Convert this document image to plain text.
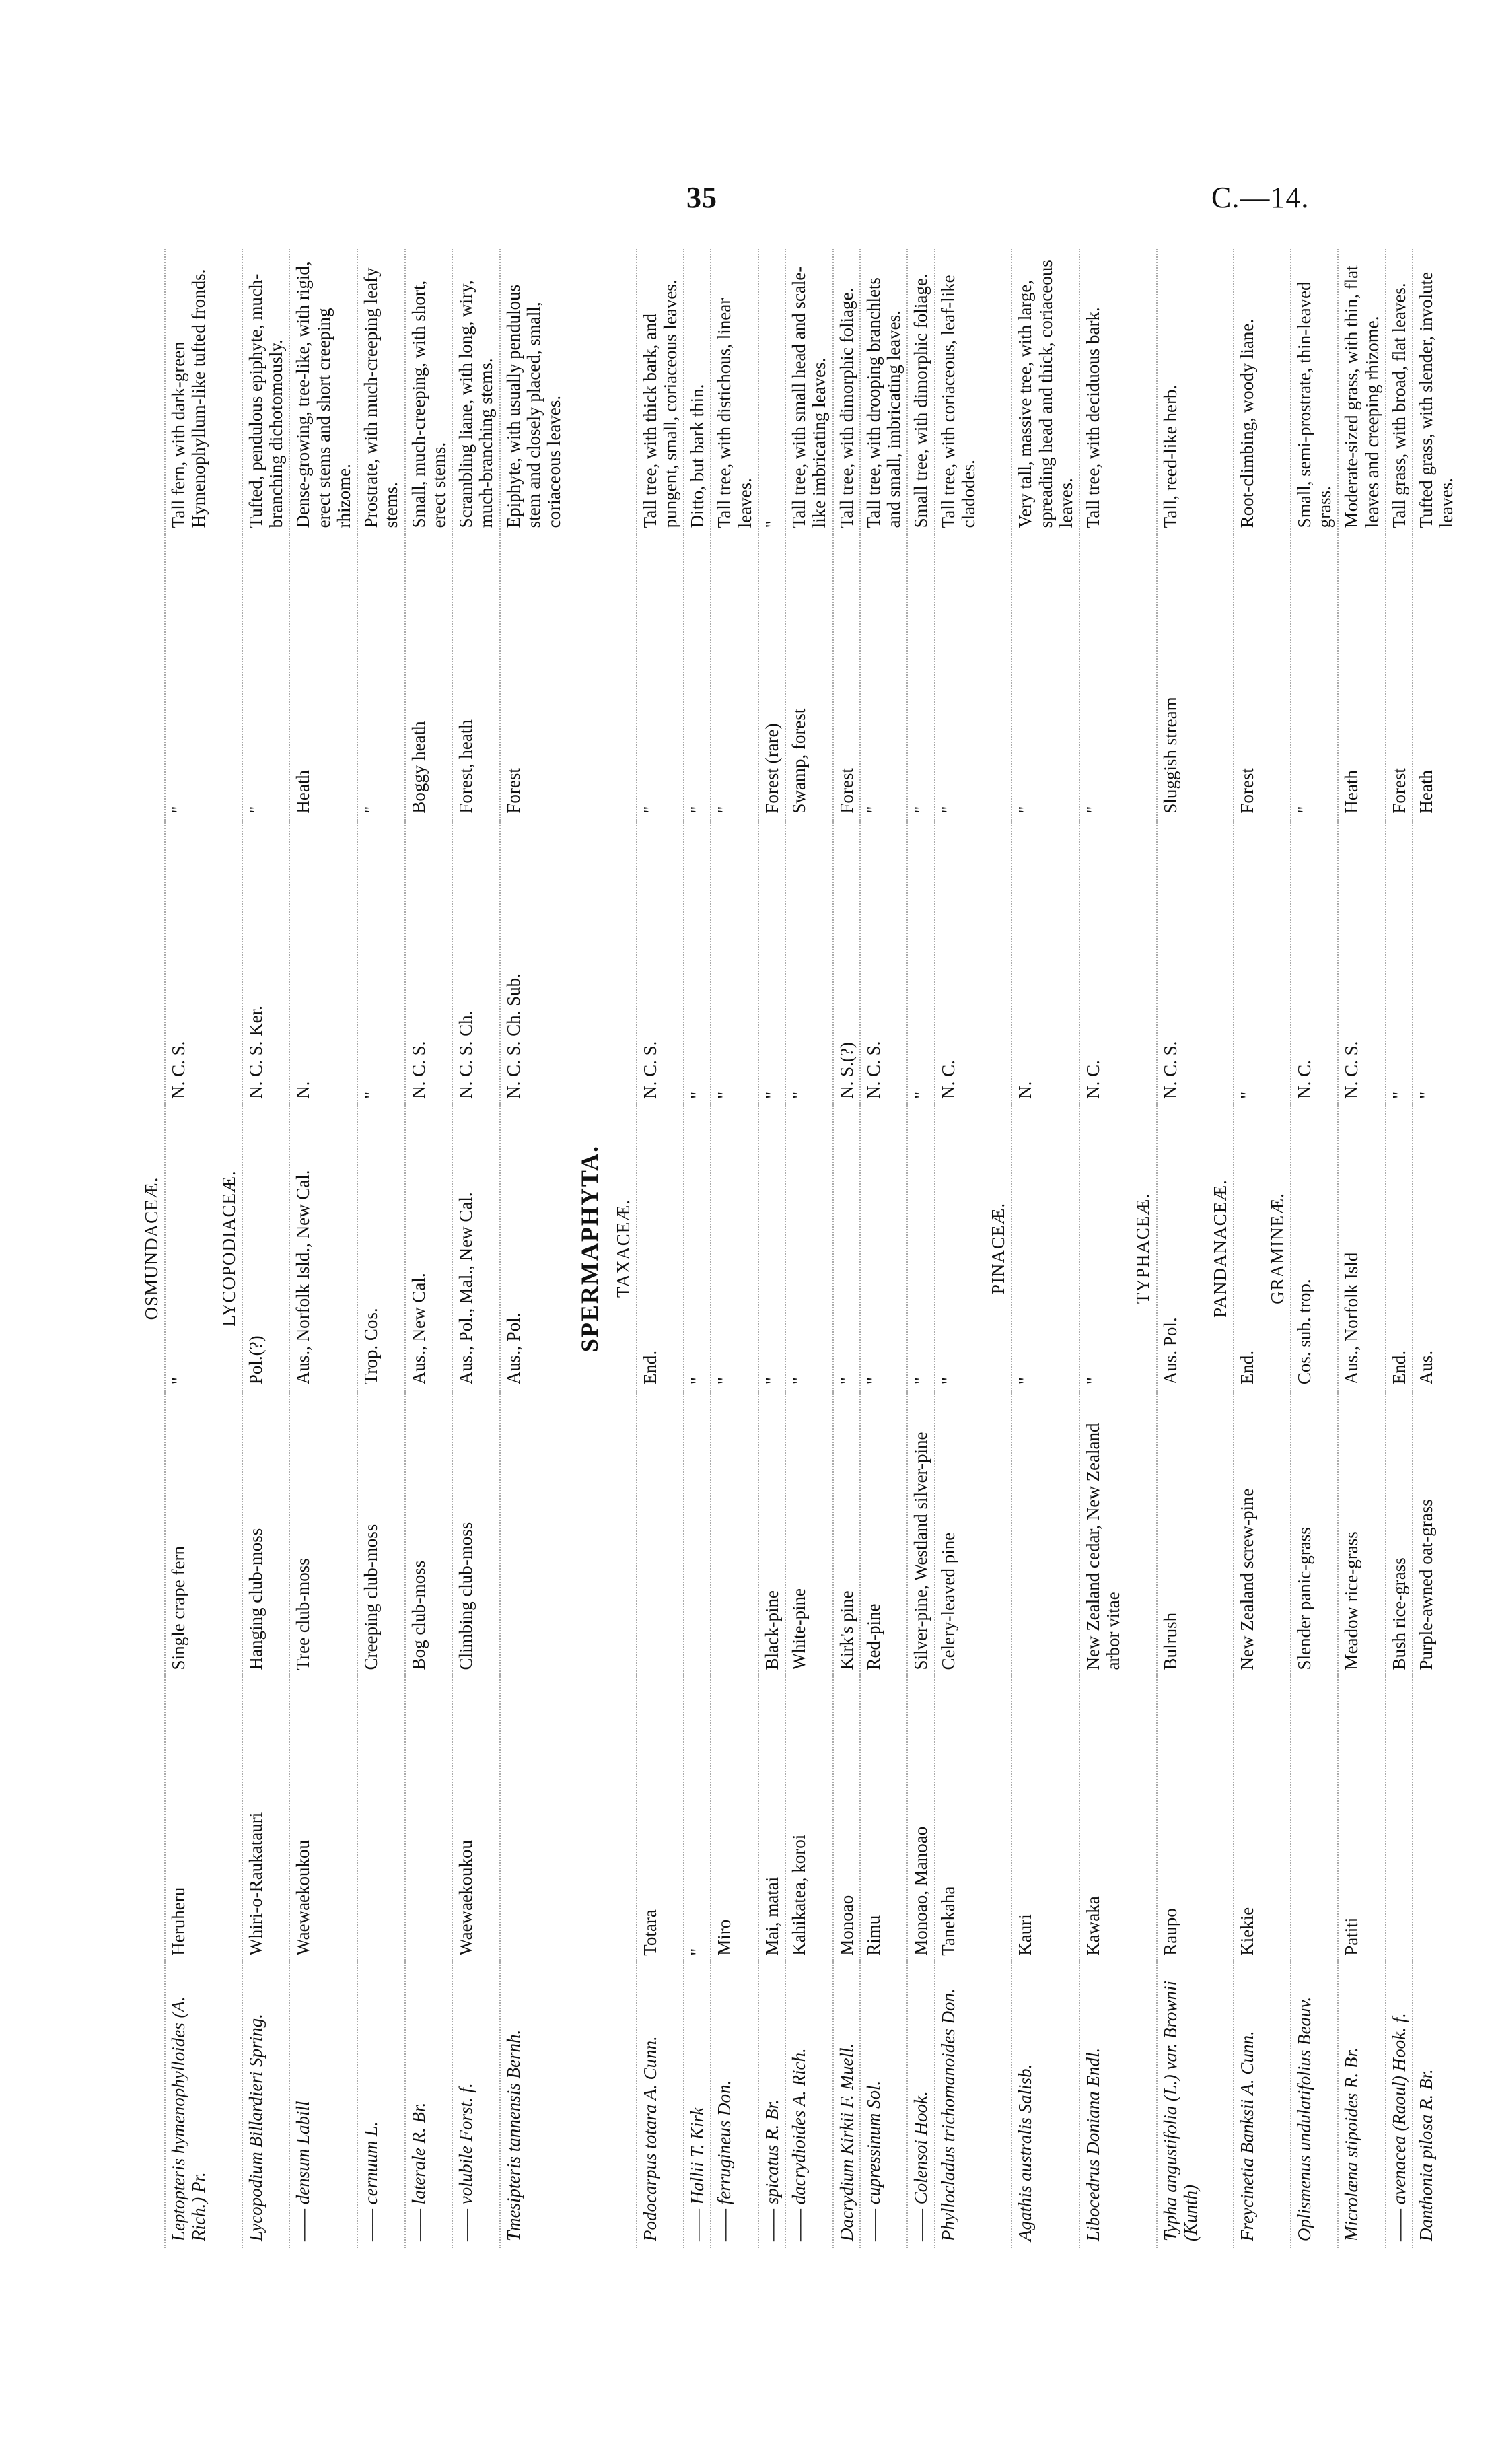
35	C.—14.
OSMUNDACEÆ.						
Leptopteris hymenophylloides (A. Rich.) Pr.	Heruheru	Single crape fern	"	N. C. S.	"	Tall fern, with dark-green Hymenophyllum-like tufted fronds.
LYCOPODIACEÆ.						
Lycopodium Billardieri Spring.	Whiri-o-Raukatauri	Hanging club-moss	Pol.(?)	N. C. S. Ker.	"	Tufted, pendulous epiphyte, much-branching dichotomously.
—— densum Labill	Waewaekoukou	Tree club-moss	Aus., Norfolk Isld., New Cal.	N.	Heath	Dense-growing, tree-like, with rigid, erect stems and short creeping rhizome.
—— cernuum L.		Creeping club-moss	Trop. Cos.	"	"	Prostrate, with much-creeping leafy stems.
—— laterale R. Br.		Bog club-moss	Aus., New Cal.	N. C. S.	Boggy heath	Small, much-creeping, with short, erect stems.
—— volubile Forst. f.	Waewaekoukou	Climbing club-moss	Aus., Pol., Mal., New Cal.	N. C. S. Ch.	Forest, heath	Scrambling liane, with long, wiry, much-branching stems.
Tmesipteris tannensis Bernh.			Aus., Pol.	N. C. S. Ch. Sub.	Forest	Epiphyte, with usually pendulous stem and closely placed, small, coriaceous leaves.
SPERMAPHYTA.						
TAXACEÆ.						
Podocarpus totara A. Cunn.	Totara		End.	N. C. S.	"	Tall tree, with thick bark, and pungent, small, coriaceous leaves.
—— Hallii T. Kirk	"		"	"	"	Ditto, but bark thin.
—— ferrugineus Don.	Miro		"	"	"	Tall tree, with distichous, linear leaves.
—— spicatus R. Br.	Mai, matai	Black-pine	"	"	Forest (rare)	"
—— dacrydioides A. Rich.	Kahikatea, koroi	White-pine	"	"	Swamp, forest	Tall tree, with small head and scale-like imbricating leaves.
Dacrydium Kirkii F. Muell.	Monoao	Kirk's pine	"	N. S.(?)	Forest	Tall tree, with dimorphic foliage.
—— cupressinum Sol.	Rimu	Red-pine	"	N. C. S.	"	Tall tree, with drooping branchlets and small, imbricating leaves.
—— Colensoi Hook.	Monoao, Manoao	Silver-pine, Westland silver-pine	"	"	"	Small tree, with dimorphic foliage.
Phyllocladus trichomanoides Don.	Tanekaha	Celery-leaved pine	"	N. C.	"	Tall tree, with coriaceous, leaf-like cladodes.
PINACEÆ.						
Agathis australis Salisb.	Kauri		"	N.	"	Very tall, massive tree, with large, spreading head and thick, coriaceous leaves.
Libocedrus Doniana Endl.	Kawaka	New Zealand cedar, New Zealand arbor vitae	"	N. C.	"	Tall tree, with deciduous bark.
TYPHACEÆ.						
Typha angustifolia (L.) var. Brownii (Kunth)	Raupo	Bulrush	Aus. Pol.	N. C. S.	Sluggish stream	Tall, reed-like herb.
PANDANACEÆ.						
Freycinetia Banksii A. Cunn.	Kiekie	New Zealand screw-pine	End.	"	Forest	Root-climbing, woody liane.
GRAMINEÆ.						
Oplismenus undulatifolius Beauv.		Slender panic-grass	Cos. sub. trop.	N. C.	"	Small, semi-prostrate, thin-leaved grass.
Microlæna stipoides R. Br.	Patiti	Meadow rice-grass	Aus., Norfolk Isld	N. C. S.	Heath	Moderate-sized grass, with thin, flat leaves and creeping rhizome.
—— avenacea (Raoul) Hook. f.		Bush rice-grass	End.	"	Forest	Tall grass, with broad, flat leaves.
Danthonia pilosa R. Br.		Purple-awned oat-grass	Aus.	"	Heath	Tufted grass, with slender, involute leaves.
